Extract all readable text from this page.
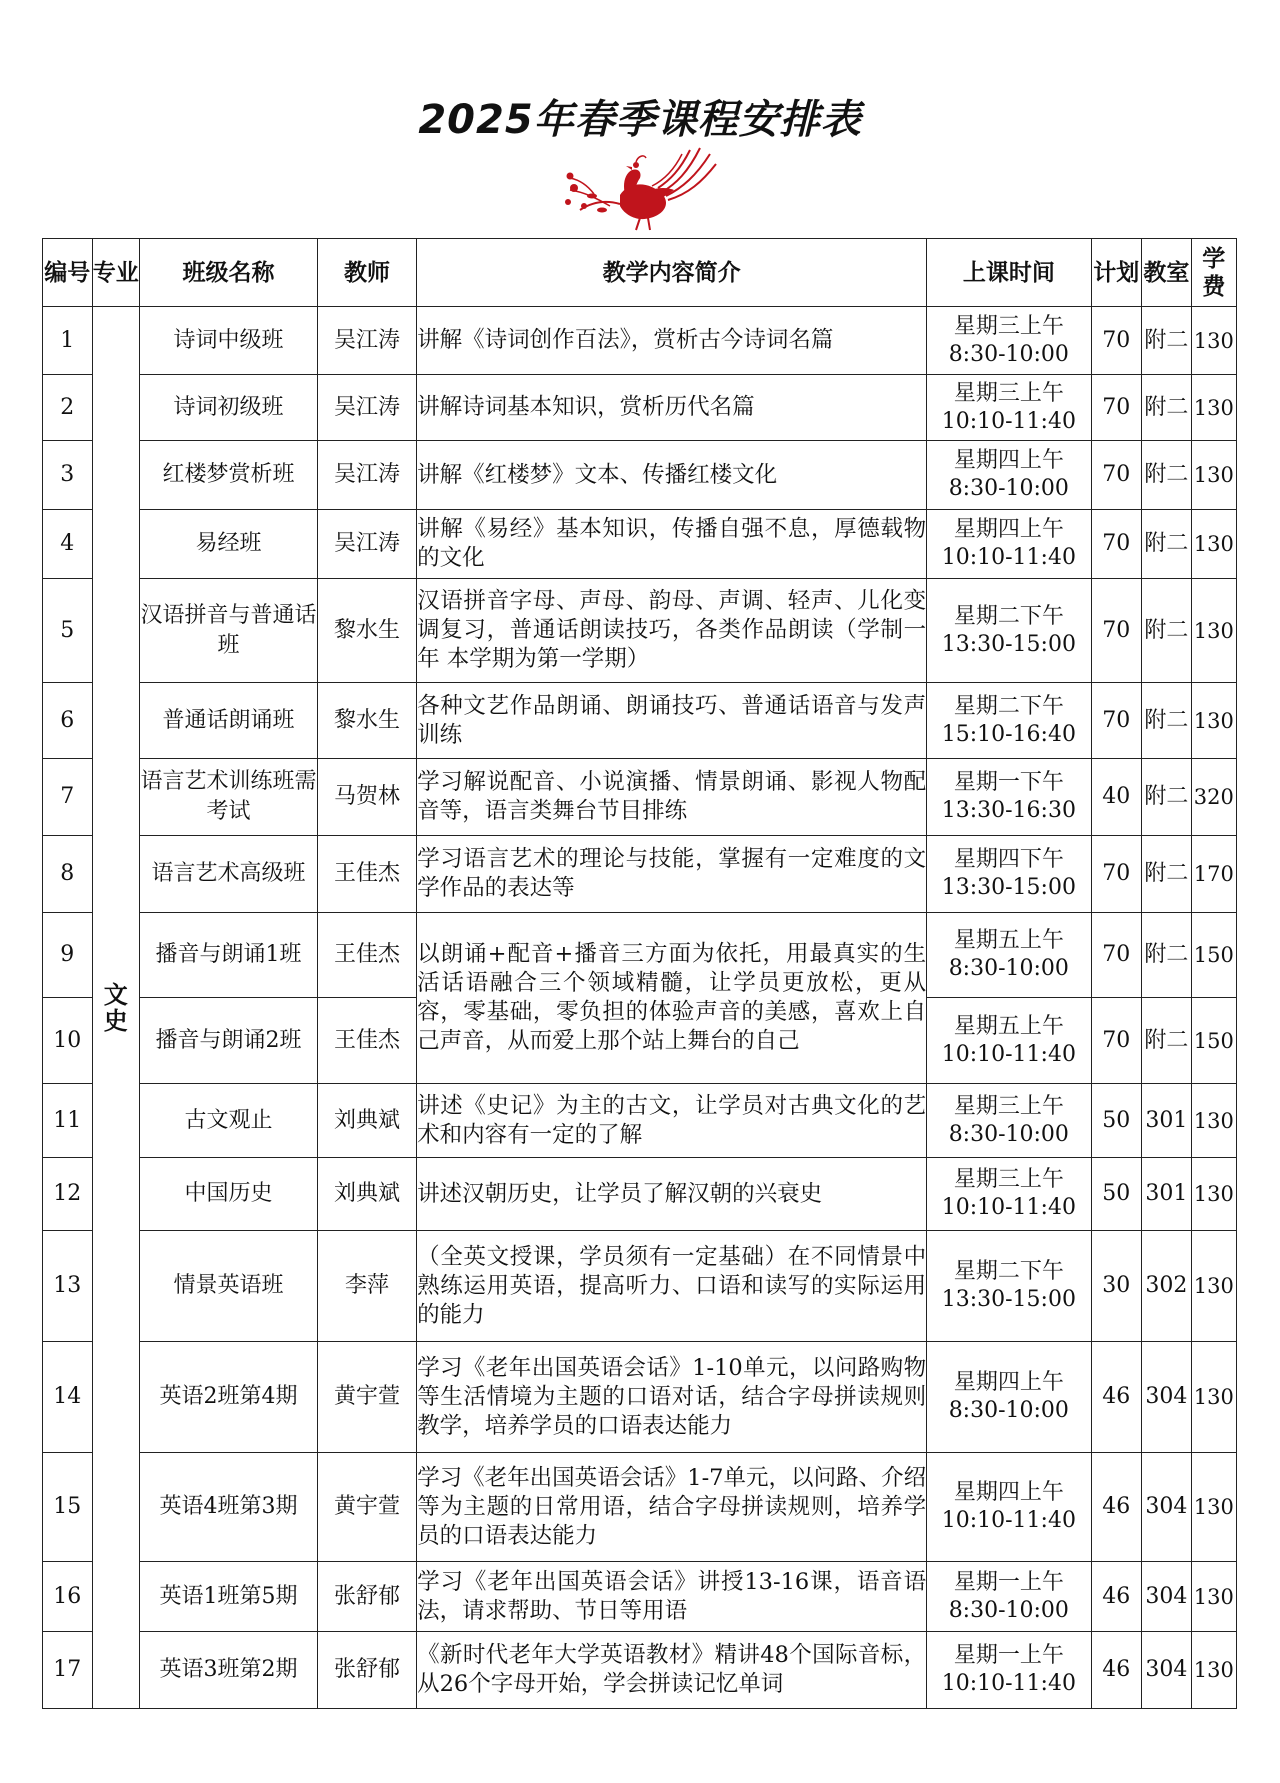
2025年春季课程安排表
编号	专业	班级名称	教师	教学内容简介	上课时间	计划	教室	学费
1	文史	诗词中级班	吴江涛	讲解《诗词创作百法》，赏析古今诗词名篇	星期三上午
8:30-10:00	70	附二	130
2		诗词初级班	吴江涛	讲解诗词基本知识，赏析历代名篇	星期三上午
10:10-11:40	70	附二	130
3		红楼梦赏析班	吴江涛	讲解《红楼梦》文本、传播红楼文化	星期四上午
8:30-10:00	70	附二	130
4		易经班	吴江涛	讲解《易经》基本知识，传播自强不息，厚德载物的文化	星期四上午
10:10-11:40	70	附二	130
5		汉语拼音与普通话班	黎水生	汉语拼音字母、声母、韵母、声调、轻声、儿化变调复习，普通话朗读技巧，各类作品朗读（学制一年 本学期为第一学期）	星期二下午
13:30-15:00	70	附二	130
6		普通话朗诵班	黎水生	各种文艺作品朗诵、朗诵技巧、普通话语音与发声训练	星期二下午
15:10-16:40	70	附二	130
7		语言艺术训练班需考试	马贺林	学习解说配音、小说演播、情景朗诵、影视人物配音等，语言类舞台节目排练	星期一下午
13:30-16:30	40	附二	320
8		语言艺术高级班	王佳杰	学习语言艺术的理论与技能，掌握有一定难度的文学作品的表达等	星期四下午
13:30-15:00	70	附二	170
9		播音与朗诵1班	王佳杰	以朗诵+配音+播音三方面为依托，用最真实的生活话语融合三个领域精髓，让学员更放松，更从容，零基础，零负担的体验声音的美感，喜欢上自己声音，从而爱上那个站上舞台的自己	星期五上午
8:30-10:00	70	附二	150
10		播音与朗诵2班	王佳杰		星期五上午
10:10-11:40	70	附二	150
11		古文观止	刘典斌	讲述《史记》为主的古文，让学员对古典文化的艺术和内容有一定的了解	星期三上午
8:30-10:00	50	301	130
12		中国历史	刘典斌	讲述汉朝历史，让学员了解汉朝的兴衰史	星期三上午
10:10-11:40	50	301	130
13		情景英语班	李萍	（全英文授课，学员须有一定基础）在不同情景中熟练运用英语，提高听力、口语和读写的实际运用的能力	星期二下午
13:30-15:00	30	302	130
14		英语2班第4期	黄宇萱	学习《老年出国英语会话》1-10单元，以问路购物等生活情境为主题的口语对话，结合字母拼读规则教学，培养学员的口语表达能力	星期四上午
8:30-10:00	46	304	130
15		英语4班第3期	黄宇萱	学习《老年出国英语会话》1-7单元，以问路、介绍等为主题的日常用语，结合字母拼读规则，培养学员的口语表达能力	星期四上午
10:10-11:40	46	304	130
16		英语1班第5期	张舒郁	学习《老年出国英语会话》讲授13-16课，语音语法，请求帮助、节日等用语	星期一上午
8:30-10:00	46	304	130
17		英语3班第2期	张舒郁	《新时代老年大学英语教材》精讲48个国际音标，从26个字母开始，学会拼读记忆单词	星期一上午
10:10-11:40	46	304	130
